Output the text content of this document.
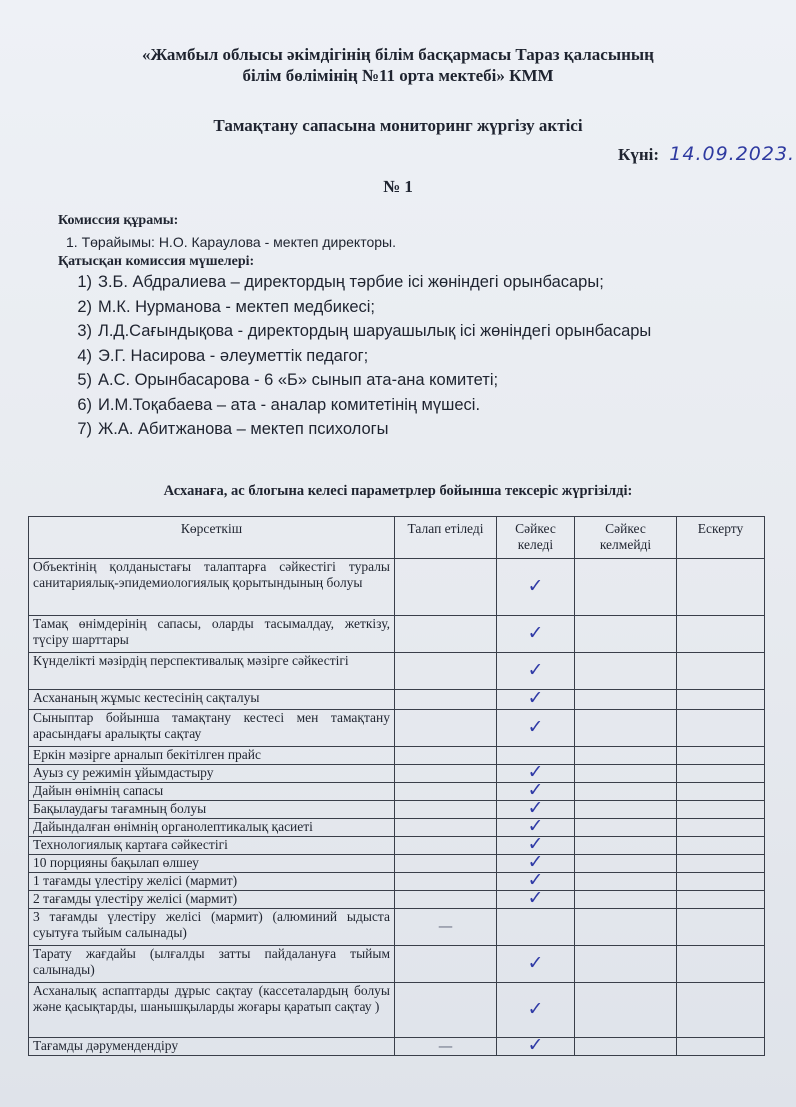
«Жамбыл облысы әкімдігінің білім басқармасы Тараз қаласының
білім бөлімінің №11 орта мектебі» КММ
Тамақтану сапасына мониторинг жүргізу актісі
Күні: 14.09.2023.
№ 1
Комиссия құрамы:
1. Төрайымы: Н.О. Караулова - мектеп директоры.
Қатысқан комиссия мүшелері:
1) З.Б. Абдралиева – директордың тәрбие ісі жөніндегі орынбасары;
2) М.К. Нурманова - мектеп медбикесі;
3) Л.Д.Сағындықова - директордың шаруашылық ісі жөніндегі орынбасары
4) Э.Г. Насирова - әлеуметтік педагог;
5) А.С. Орынбасарова - 6 «Б» сынып ата-ана комитеті;
6) И.М.Тоқабаева – ата - аналар комитетінің мүшесі.
7) Ж.А. Абитжанова – мектеп психологы
Асханаға, ас блогына келесі параметрлер бойынша тексеріс жүргізілді:
Көрсеткіш	Талап етіледі	Сәйкес келеді	Сәйкес келмейді	Ескерту
Объектінің қолданыстағы талаптарға сәйкестігі туралы санитариялық-эпидемиологиялық қорытындының болуы		✓		
Тамақ өнімдерінің сапасы, оларды тасымалдау, жеткізу, түсіру шарттары		✓		
Күнделікті мәзірдің перспективалық мәзірге сәйкестігі		✓		
Асхананың жұмыс кестесінің сақталуы		✓		
Сыныптар бойынша тамақтану кестесі мен тамақтану арасындағы аралықты сақтау		✓		
Еркін мәзірге арналып бекітілген прайс				
Ауыз су режимін ұйымдастыру		✓		
Дайын өнімнің сапасы		✓		
Бақылаудағы тағамның болуы		✓		
Дайындалған өнімнің органолептикалық қасиеті		✓		
Технологиялық картаға сәйкестігі		✓		
10 порцияны бақылап өлшеу		✓		
1 тағамды үлестіру желісі (мармит)		✓		
2 тағамды үлестіру желісі (мармит)		✓		
3 тағамды үлестіру желісі (мармит) (алюминий ыдыста суытуға тыйым салынады)	—			
Тарату жағдайы (ылғалды затты пайдалануға тыйым салынады)		✓		
Асханалық аспаптарды дұрыс сақтау (кассеталардың болуы және қасықтарды, шанышқыларды жоғары қаратып сақтау )		✓		
Тағамды дәрумендендіру	—	✓		
